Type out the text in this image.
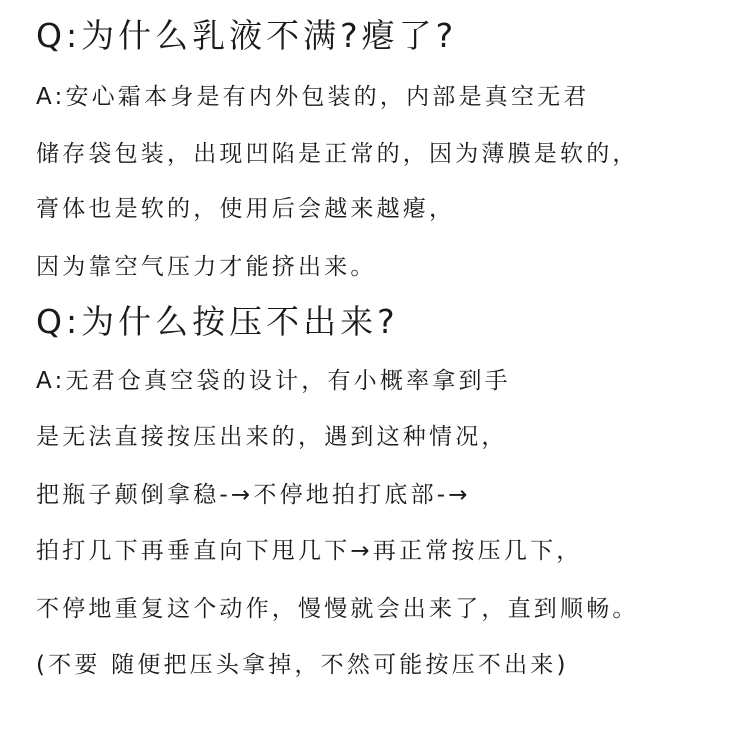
Q:为什么乳液不满?瘪了?

A:安心霜本身是有内外包装的，内部是真空无君

储存袋包装，出现凹陷是正常的，因为薄膜是软的，

膏体也是软的，使用后会越来越瘪，

因为靠空气压力才能挤出来。

Q:为什么按压不出来?

A:无君仓真空袋的设计，有小概率拿到手

是无法直接按压出来的，遇到这种情况，

把瓶子颠倒拿稳-→不停地拍打底部-→

拍打几下再垂直向下甩几下→再正常按压几下，

不停地重复这个动作，慢慢就会出来了，直到顺畅。

(不要 随便把压头拿掉，不然可能按压不出来)
